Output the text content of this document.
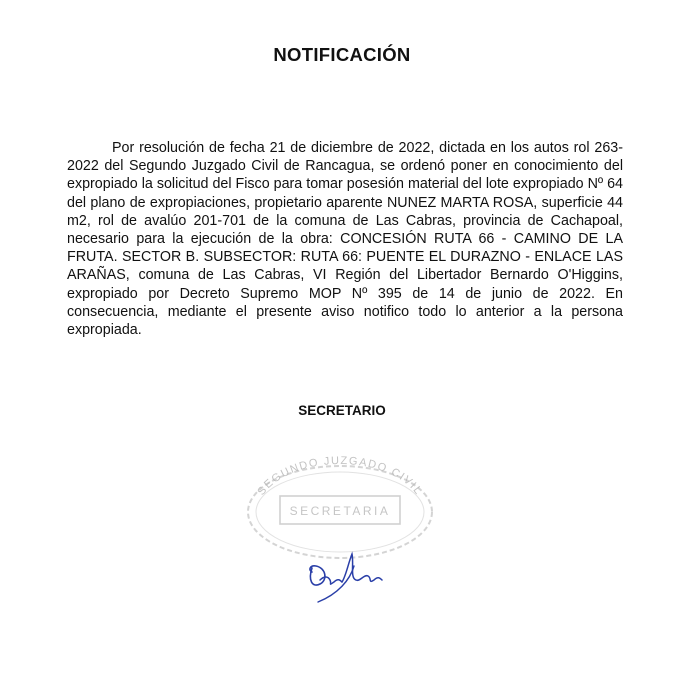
NOTIFICACIÓN

Por resolución de fecha 21 de diciembre de 2022, dictada en los autos rol 263-2022 del Segundo Juzgado Civil de Rancagua, se ordenó poner en conocimiento del expropiado la solicitud del Fisco para tomar posesión material del lote expropiado Nº 64 del plano de expropiaciones, propietario aparente NUNEZ MARTA ROSA, superficie 44 m2, rol de avalúo 201-701 de la comuna de Las Cabras, provincia de Cachapoal, necesario para la ejecución de la obra: CONCESIÓN RUTA 66 - CAMINO DE LA FRUTA. SECTOR B. SUBSECTOR: RUTA 66: PUENTE EL DURAZNO - ENLACE LAS ARAÑAS, comuna de Las Cabras, VI Región del Libertador Bernardo O'Higgins, expropiado por Decreto Supremo MOP Nº 395 de 14 de junio de 2022. En consecuencia, mediante el presente aviso notifico todo lo anterior a la persona expropiada.

SECRETARIO
SEGUNDO JUZGADO CIVIL
SECRETARIA
